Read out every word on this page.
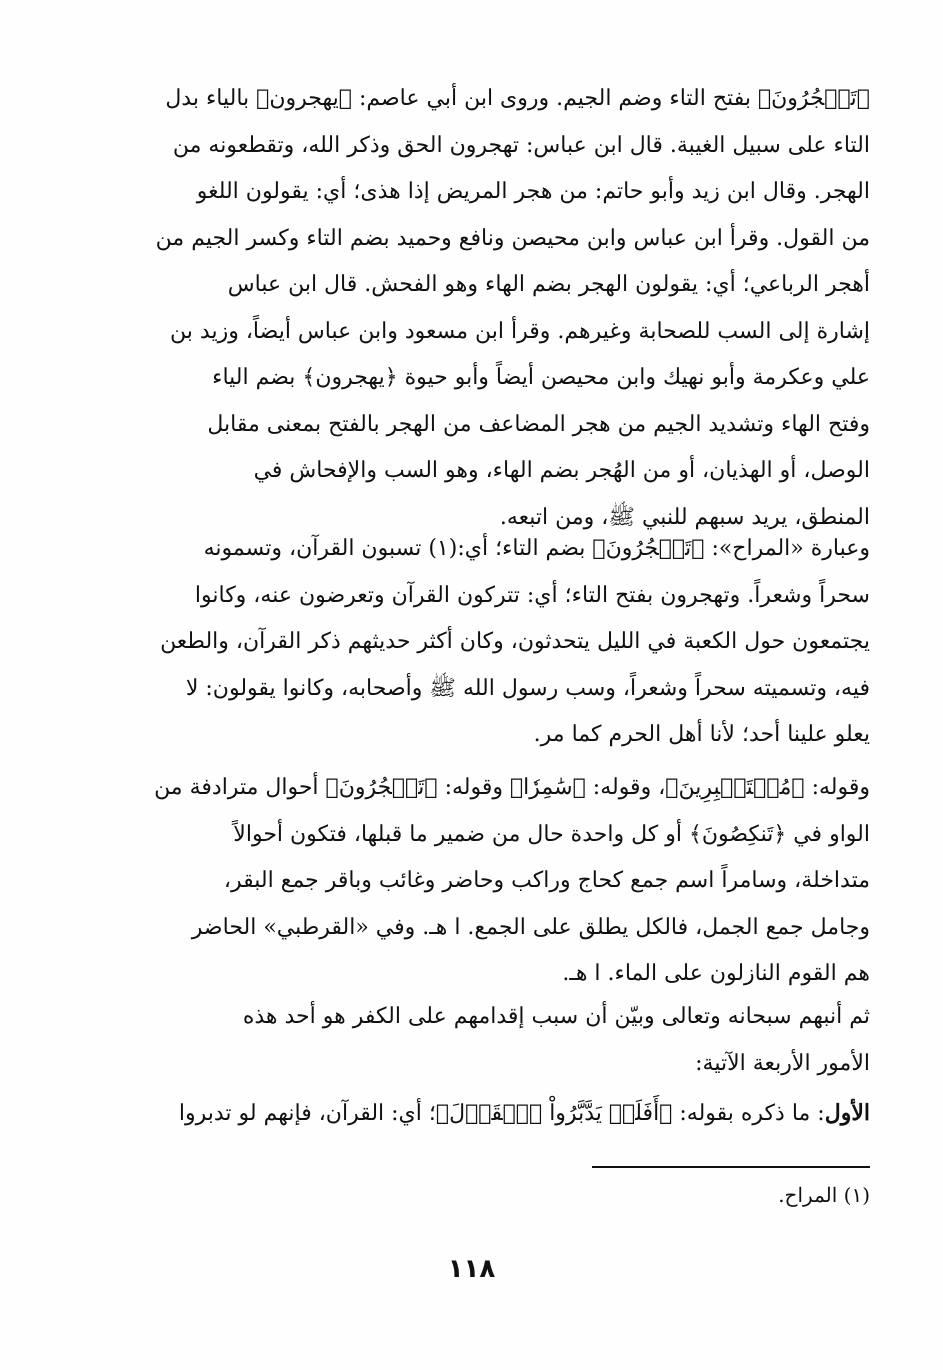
﴿تَهۡجُرُونَ﴾ بفتح التاء وضم الجيم. وروى ابن أبي عاصم: ﴿يهجرون﴾ بالياء بدل
التاء على سبيل الغيبة. قال ابن عباس: تهجرون الحق وذكر الله، وتقطعونه من
الهجر. وقال ابن زيد وأبو حاتم: من هجر المريض إذا هذى؛ أي: يقولون اللغو
من القول. وقرأ ابن عباس وابن محيصن ونافع وحميد بضم التاء وكسر الجيم من
أهجر الرباعي؛ أي: يقولون الهجر بضم الهاء وهو الفحش. قال ابن عباس
إشارة إلى السب للصحابة وغيرهم. وقرأ ابن مسعود وابن عباس أيضاً، وزيد بن
علي وعكرمة وأبو نهيك وابن محيصن أيضاً وأبو حيوة ﴿يهجرون﴾ بضم الياء
وفتح الهاء وتشديد الجيم من هجر المضاعف من الهجر بالفتح بمعنى مقابل
الوصل، أو الهذيان، أو من الهُجر بضم الهاء، وهو السب والإفحاش في
المنطق، يريد سبهم للنبي ﷺ، ومن اتبعه.
وعبارة «المراح»: ﴿تَهۡجُرُونَ﴾ بضم التاء؛ أي:(١) تسبون القرآن، وتسمونه
سحراً وشعراً. وتهجرون بفتح التاء؛ أي: تتركون القرآن وتعرضون عنه، وكانوا
يجتمعون حول الكعبة في الليل يتحدثون، وكان أكثر حديثهم ذكر القرآن، والطعن
فيه، وتسميته سحراً وشعراً، وسب رسول الله ﷺ وأصحابه، وكانوا يقولون: لا
يعلو علينا أحد؛ لأنا أهل الحرم كما مر.
وقوله: ﴿مُسۡتَكۡبِرِينَ﴾، وقوله: ﴿سَٰمِرٗا﴾ وقوله: ﴿تَهۡجُرُونَ﴾ أحوال مترادفة من
الواو في ﴿تَنكِصُونَ﴾ أو كل واحدة حال من ضمير ما قبلها، فتكون أحوالاً
متداخلة، وسامراً اسم جمع كحاج وراكب وحاضر وغائب وباقر جمع البقر،
وجامل جمع الجمل، فالكل يطلق على الجمع. ا هـ. وفي «القرطبي» الحاضر
هم القوم النازلون على الماء. ا هـ.
ثم أنبهم سبحانه وتعالى وبيّن أن سبب إقدامهم على الكفر هو أحد هذه
الأمور الأربعة الآتية:
الأول: ما ذكره بقوله: ﴿أَفَلَمۡ يَدَّبَّرُواْ ٱلۡقَوۡلَ﴾؛ أي: القرآن، فإنهم لو تدبروا
(١) المراح.
١١٨
